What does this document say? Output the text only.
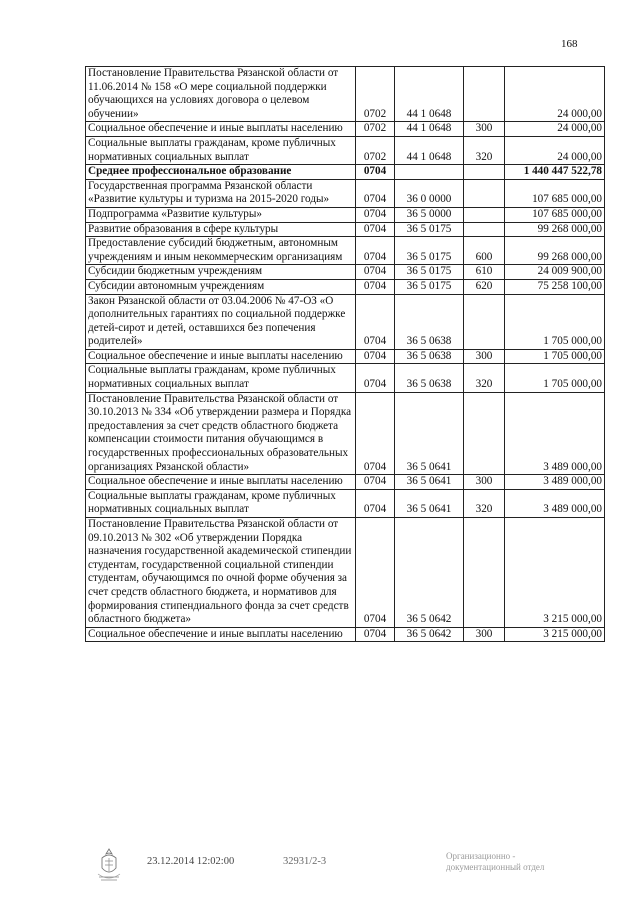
168
Постановление Правительства Рязанской области от 11.06.2014 № 158 «О мере социальной поддержки обучающихся на условиях договора о целевом обучении»	0702	44 1 0648		24 000,00
Социальное обеспечение и иные выплаты населению	0702	44 1 0648	300	24 000,00
Социальные выплаты гражданам, кроме публичных нормативных социальных выплат	0702	44 1 0648	320	24 000,00
Среднее профессиональное образование	0704			1 440 447 522,78
Государственная программа Рязанской области «Развитие культуры и туризма на 2015-2020 годы»	0704	36 0 0000		107 685 000,00
Подпрограмма «Развитие культуры»	0704	36 5 0000		107 685 000,00
Развитие образования в сфере культуры	0704	36 5 0175		99 268 000,00
Предоставление субсидий бюджетным, автономным учреждениям и иным некоммерческим организациям	0704	36 5 0175	600	99 268 000,00
Субсидии бюджетным учреждениям	0704	36 5 0175	610	24 009 900,00
Субсидии автономным учреждениям	0704	36 5 0175	620	75 258 100,00
Закон Рязанской области от 03.04.2006 № 47-ОЗ «О дополнительных гарантиях по социальной поддержке детей-сирот и детей, оставшихся без попечения родителей»	0704	36 5 0638		1 705 000,00
Социальное обеспечение и иные выплаты населению	0704	36 5 0638	300	1 705 000,00
Социальные выплаты гражданам, кроме публичных нормативных социальных выплат	0704	36 5 0638	320	1 705 000,00
Постановление Правительства Рязанской области от 30.10.2013 № 334 «Об утверждении размера и Порядка предоставления за счет средств областного бюджета компенсации стоимости питания обучающимся в государственных профессиональных образовательных организациях Рязанской области»	0704	36 5 0641		3 489 000,00
Социальное обеспечение и иные выплаты населению	0704	36 5 0641	300	3 489 000,00
Социальные выплаты гражданам, кроме публичных нормативных социальных выплат	0704	36 5 0641	320	3 489 000,00
Постановление Правительства Рязанской области от 09.10.2013 № 302 «Об утверждении Порядка назначения государственной академической стипендии студентам, государственной социальной стипендии студентам, обучающимся по очной форме обучения за счет средств областного бюджета, и нормативов для формирования стипендиального фонда за счет средств областного бюджета»	0704	36 5 0642		3 215 000,00
Социальное обеспечение и иные выплаты населению	0704	36 5 0642	300	3 215 000,00
23.12.2014 12:02:00	32931/2-3	Организационно -
документационный отдел
